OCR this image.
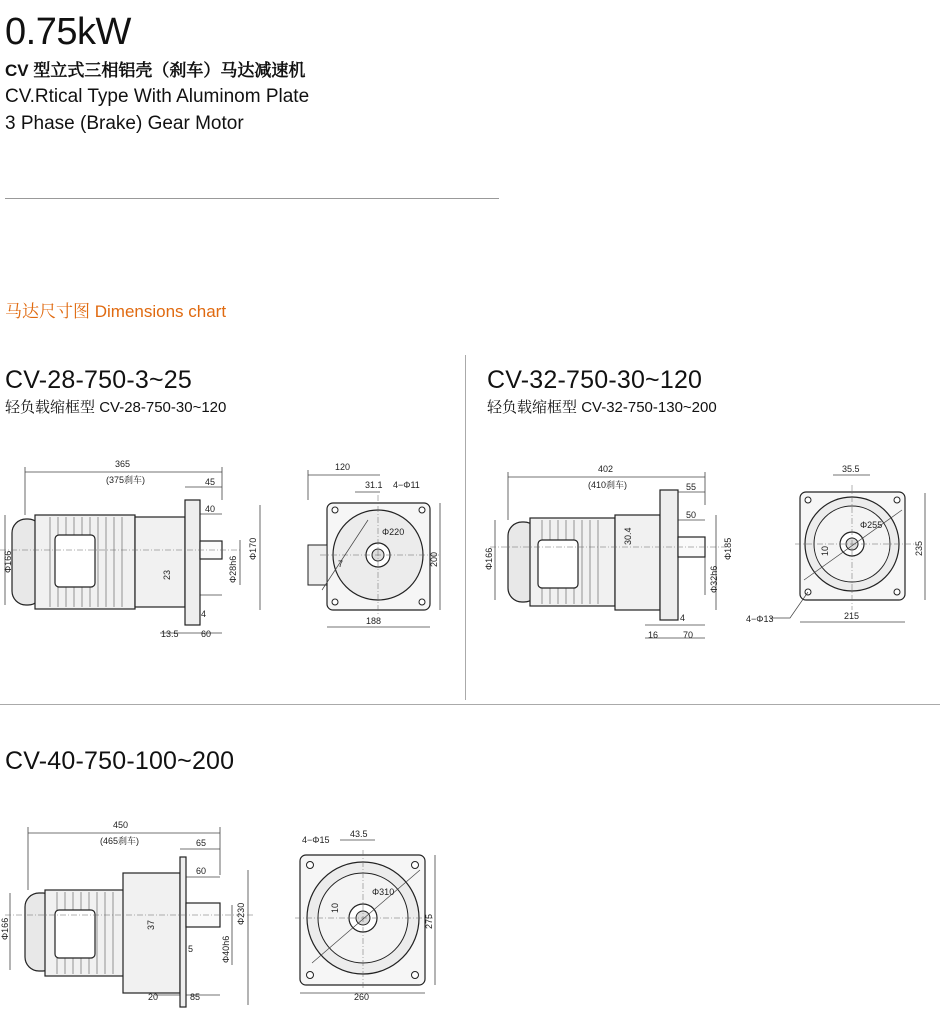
0.75kW
CV 型立式三相铝壳（刹车）马达减速机
CV.Rtical Type With Aluminom Plate
3 Phase (Brake) Gear Motor
马达尺寸图 Dimensions chart
CV-28-750-3~25
轻负载缩框型 CV-28-750-30~120
CV-32-750-30~120
轻负载缩框型 CV-32-750-130~200
CV-40-750-100~200
365
(375刹车)	45
40
Φ166
Φ170
Φ28h6
23
4
13.5 60
120
31.1 4−Φ11
Φ220
7	200
188
402
(410刹车)	55
50
Φ166
30.4
Φ185
Φ32h6
4
16	70
35.5
Φ255
10	235
4−Φ13	215
450
(465刹车)	65
60
Φ166	37	Φ230
Φ40h6
5
20	85
4−Φ15
43.5
Φ310
10
275
260
